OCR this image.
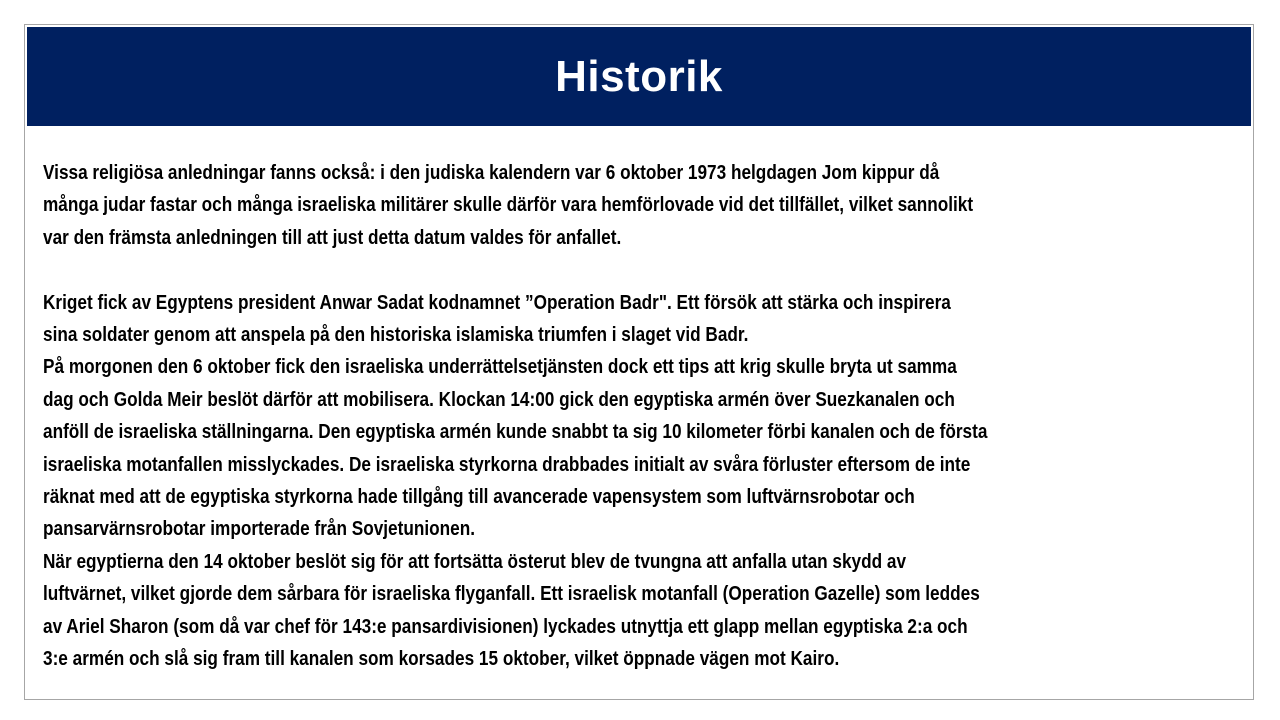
Historik

Vissa religiösa anledningar fanns också: i den judiska kalendern var 6 oktober 1973 helgdagen Jom kippur då

många judar fastar och många israeliska militärer skulle därför vara hemförlovade vid det tillfället, vilket sannolikt

var den främsta anledningen till att just detta datum valdes för anfallet.

Kriget fick av Egyptens president Anwar Sadat kodnamnet ”Operation Badr". Ett försök att stärka och inspirera

sina soldater genom att anspela på den historiska islamiska triumfen i slaget vid Badr.

På morgonen den 6 oktober fick den israeliska underrättelsetjänsten dock ett tips att krig skulle bryta ut samma

dag och Golda Meir beslöt därför att mobilisera. Klockan 14:00 gick den egyptiska armén över Suezkanalen och

anföll de israeliska ställningarna. Den egyptiska armén kunde snabbt ta sig 10 kilometer förbi kanalen och de första

israeliska motanfallen misslyckades. De israeliska styrkorna drabbades initialt av svåra förluster eftersom de inte

räknat med att de egyptiska styrkorna hade tillgång till avancerade vapensystem som luftvärnsrobotar och

pansarvärnsrobotar importerade från Sovjetunionen.

När egyptierna den 14 oktober beslöt sig för att fortsätta österut blev de tvungna att anfalla utan skydd av

luftvärnet, vilket gjorde dem sårbara för israeliska flyganfall. Ett israelisk motanfall (Operation Gazelle) som leddes

av Ariel Sharon (som då var chef för 143:e pansardivisionen) lyckades utnyttja ett glapp mellan egyptiska 2:a och

3:e armén och slå sig fram till kanalen som korsades 15 oktober, vilket öppnade vägen mot Kairo.
